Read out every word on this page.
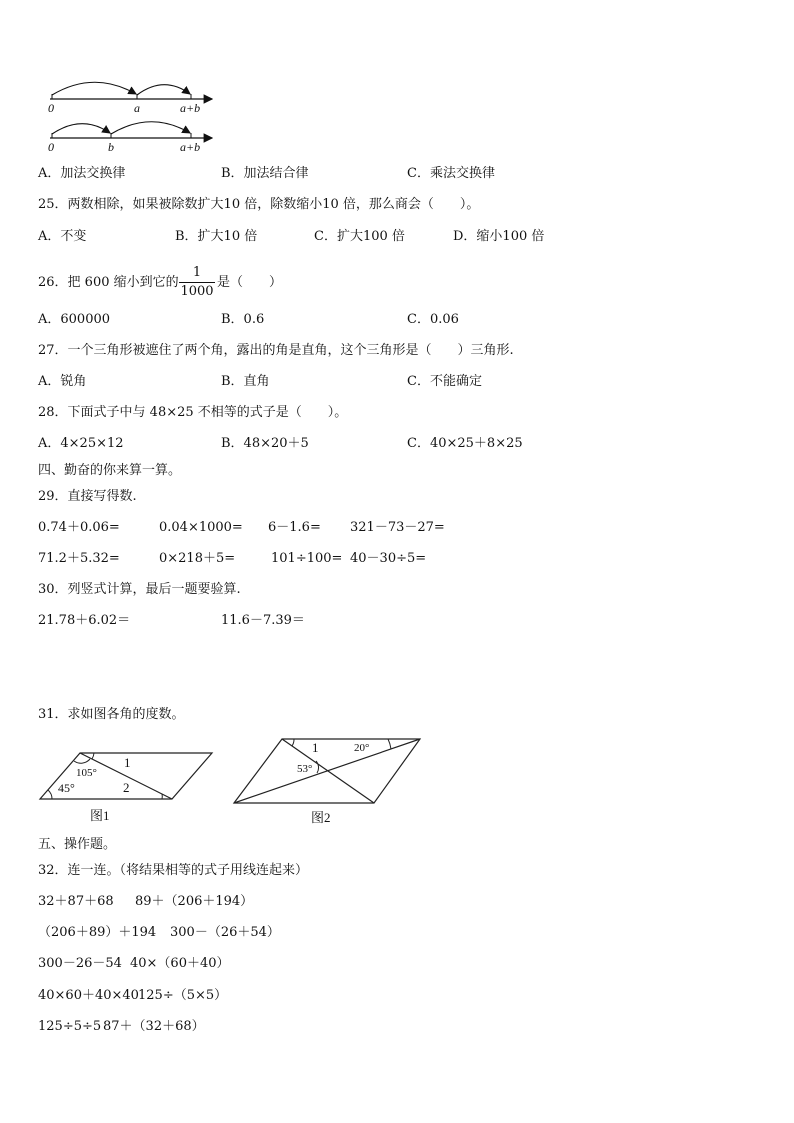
0	a	a+b
0	b	a+b
A．加法交换律	B．加法结合律	C．乘法交换律
25．两数相除，如果被除数扩大10 倍，除数缩小10 倍，那么商会（　　）。
A．不变	B．扩大10 倍	C．扩大100 倍	D．缩小100 倍
26．把 600 缩小到它的
1
1000
是（　　）
A．600000	B．0.6	C．0.06
27．一个三角形被遮住了两个角，露出的角是直角，这个三角形是（　　）三角形.
A．锐角	B．直角	C．不能确定
28．下面式子中与 48×25 不相等的式子是（　　）。
A．4×25×12	B．48×20＋5	C．40×25＋8×25
四、勤奋的你来算一算。
29．直接写得数.
0.74＋0.06=	0.04×1000= 6－1.6= 321－73－27=
71.2＋5.32=	0×218＋5=	101÷100= 40－30÷5=
30．列竖式计算，最后一题要验算.
21.78＋6.02＝	11.6－7.39＝
31．求如图各角的度数。
105°
45°
1
2
图1
1	20°
53°
图2
五、操作题。
32．连一连。（将结果相等的式子用线连起来）
32＋87＋68 89＋（206＋194）
（206＋89）＋194 300－（26＋54）
300－26－54 40×（60＋40）
40×60＋40×40 125÷（5×5）
125÷5÷5 87＋（32＋68）
